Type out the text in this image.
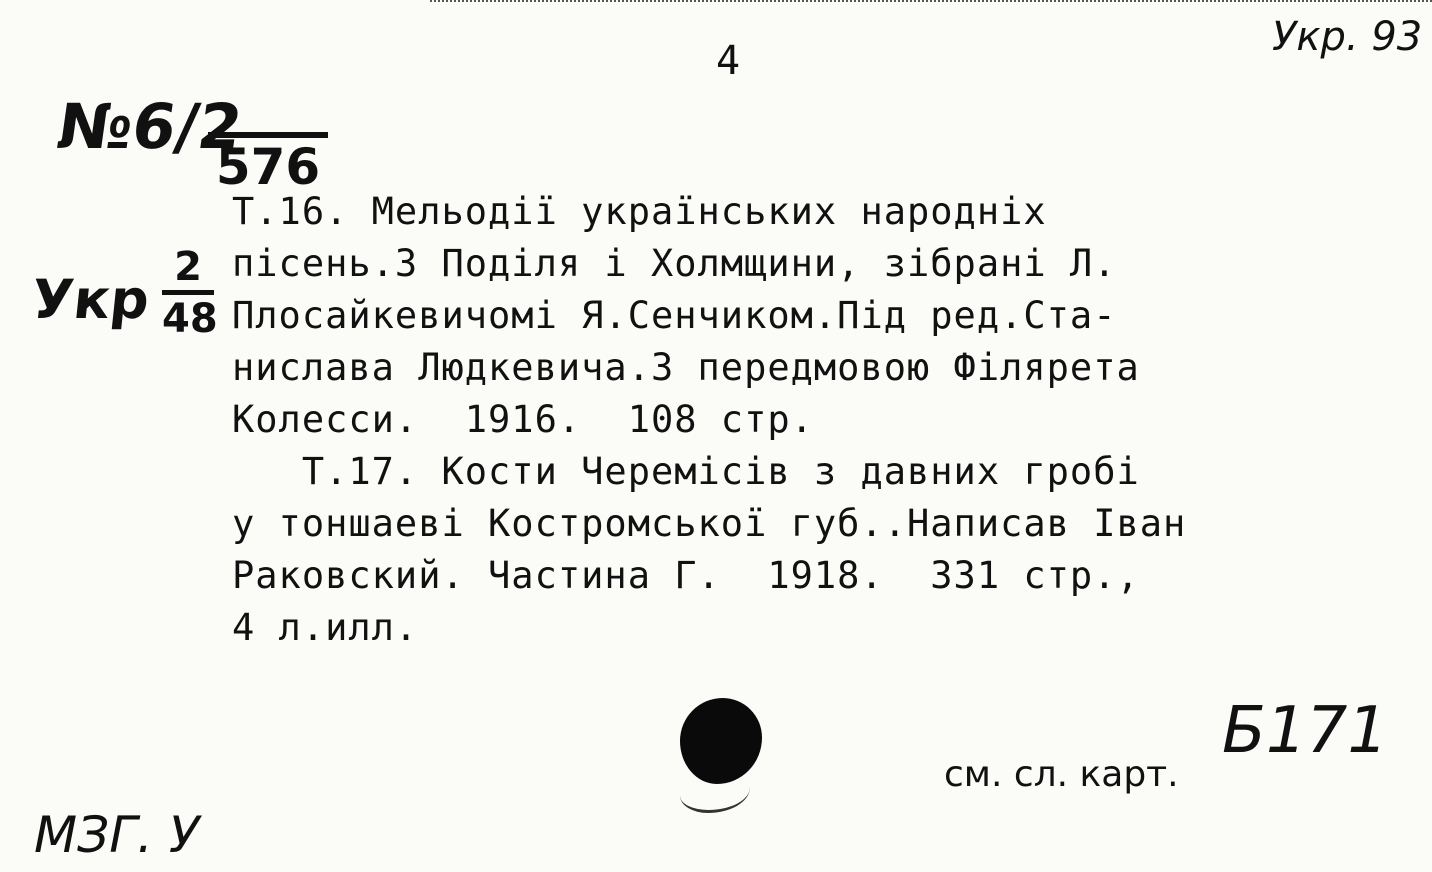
4
Укр. 93
№6/2
576
Укр $\frac{2}{48}$
Т.16. Мельодії українських народніх
пісень.З Поділя і Холмщини, зібрані Л.
Плосайкевичомі Я.Сенчиком.Під ред.Ста-
нислава Людкевича.З передмовою Філярета
Колесси.  1916.  108 стр.
Т.17. Кости Черемісів з давних гробі
у тоншаеві Костромської губ..Написав Іван
Раковский. Частина Г.  1918.  331 стр.,
4 л.илл.
Б171
см. сл. карт.
МЗГ. У
